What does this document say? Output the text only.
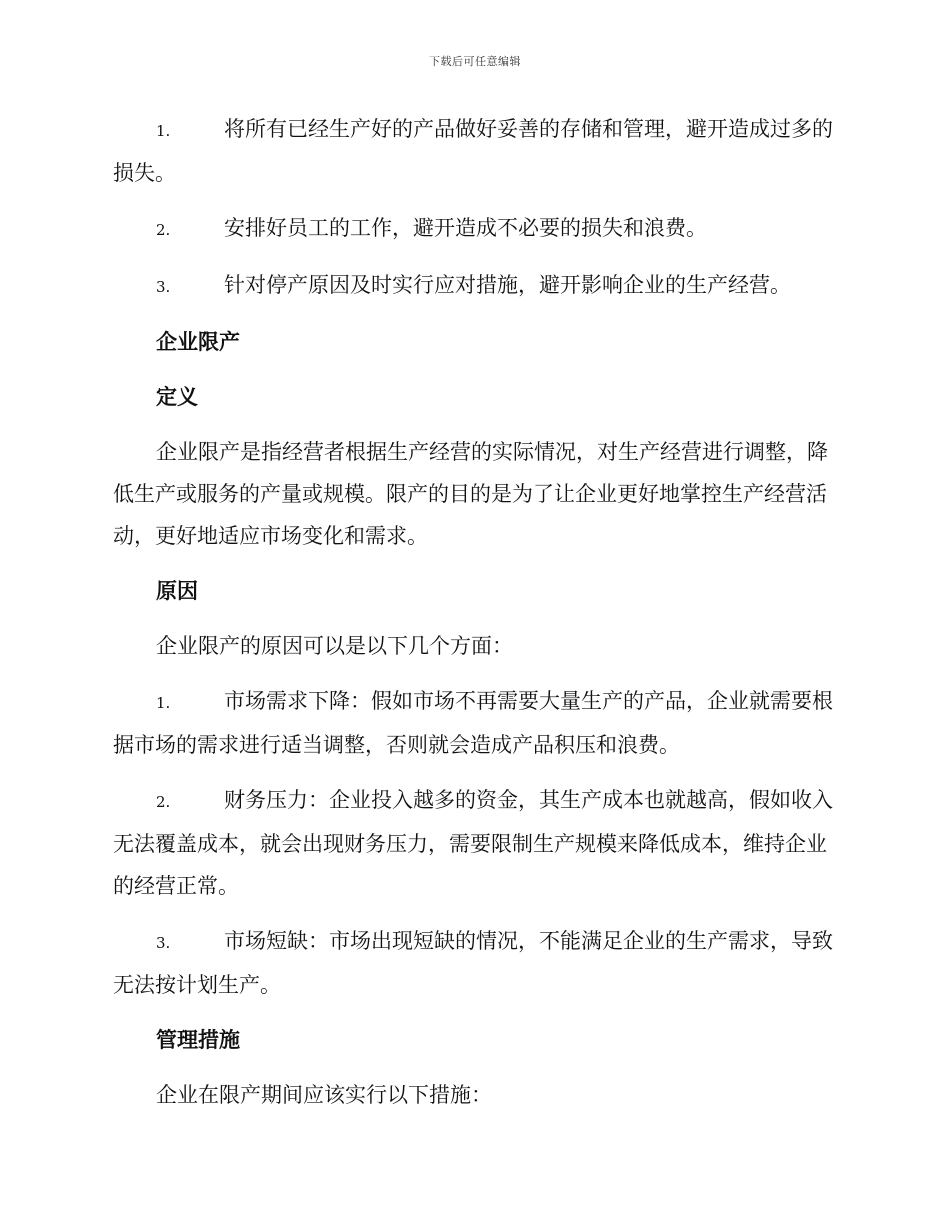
下载后可任意编辑
1.	将所有已经生产好的产品做好妥善的存储和管理，避开造成过多的损失。
2.	安排好员工的工作，避开造成不必要的损失和浪费。
3.	针对停产原因及时实行应对措施，避开影响企业的生产经营。
企业限产
定义
企业限产是指经营者根据生产经营的实际情况，对生产经营进行调整，降低生产或服务的产量或规模。限产的目的是为了让企业更好地掌控生产经营活动，更好地适应市场变化和需求。
原因
企业限产的原因可以是以下几个方面：
1.	市场需求下降：假如市场不再需要大量生产的产品，企业就需要根据市场的需求进行适当调整，否则就会造成产品积压和浪费。
2.	财务压力：企业投入越多的资金，其生产成本也就越高，假如收入无法覆盖成本，就会出现财务压力，需要限制生产规模来降低成本，维持企业的经营正常。
3.	市场短缺：市场出现短缺的情况，不能满足企业的生产需求，导致无法按计划生产。
管理措施
企业在限产期间应该实行以下措施：
